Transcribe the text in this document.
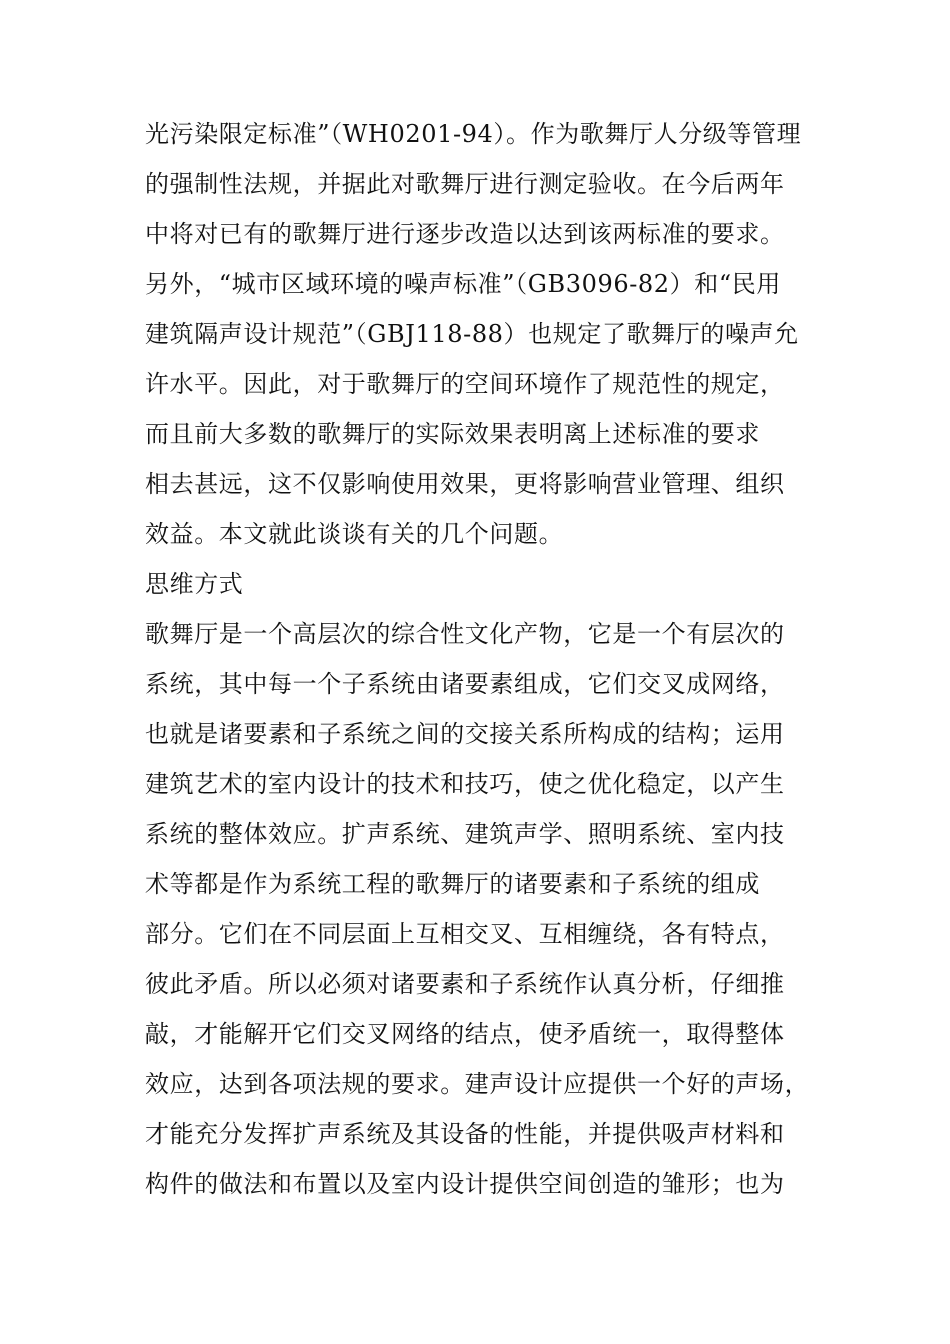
光污染限定标准”（WH0201-94）。作为歌舞厅人分级等管理
的强制性法规，并据此对歌舞厅进行测定验收。在今后两年
中将对已有的歌舞厅进行逐步改造以达到该两标准的要求。
另外，“城市区域环境的噪声标准”（GB3096-82）和“民用
建筑隔声设计规范”（GBJ118-88）也规定了歌舞厅的噪声允
许水平。因此，对于歌舞厅的空间环境作了规范性的规定，
而且前大多数的歌舞厅的实际效果表明离上述标准的要求
相去甚远，这不仅影响使用效果，更将影响营业管理、组织
效益。本文就此谈谈有关的几个问题。
思维方式
歌舞厅是一个高层次的综合性文化产物，它是一个有层次的
系统，其中每一个子系统由诸要素组成，它们交叉成网络，
也就是诸要素和子系统之间的交接关系所构成的结构；运用
建筑艺术的室内设计的技术和技巧，使之优化稳定，以产生
系统的整体效应。扩声系统、建筑声学、照明系统、室内技
术等都是作为系统工程的歌舞厅的诸要素和子系统的组成
部分。它们在不同层面上互相交叉、互相缠绕，各有特点，
彼此矛盾。所以必须对诸要素和子系统作认真分析，仔细推
敲，才能解开它们交叉网络的结点，使矛盾统一，取得整体
效应，达到各项法规的要求。建声设计应提供一个好的声场，
才能充分发挥扩声系统及其设备的性能，并提供吸声材料和
构件的做法和布置以及室内设计提供空间创造的雏形；也为
